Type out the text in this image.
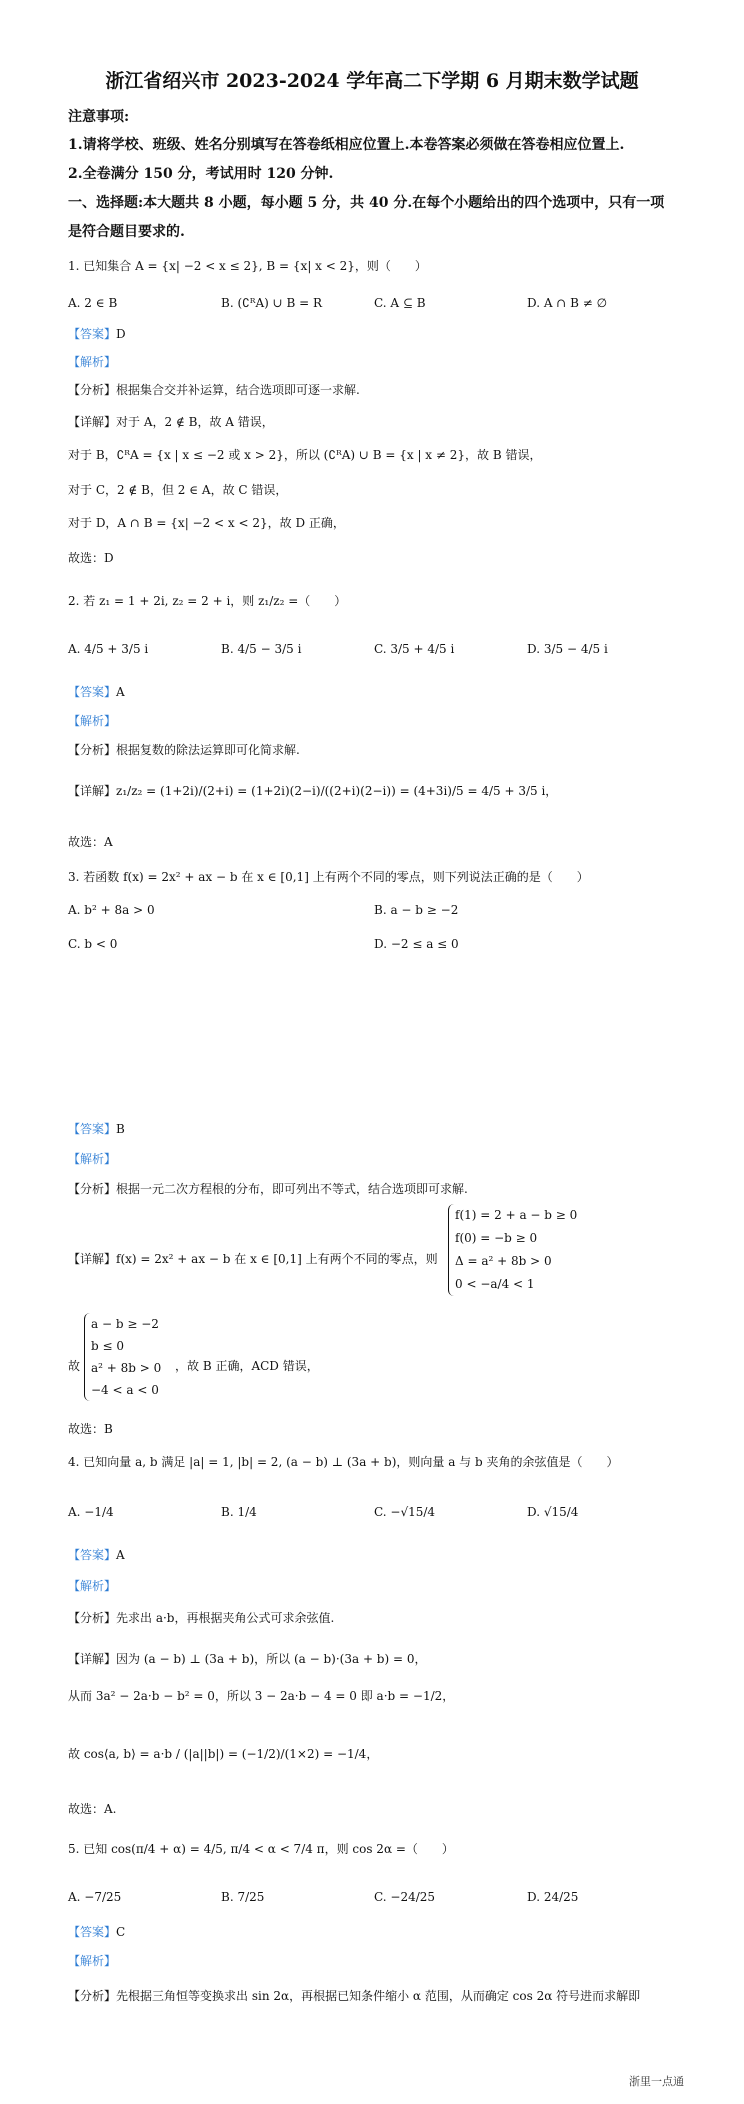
浙江省绍兴市 2023-2024 学年高二下学期 6 月期末数学试题
注意事项:
1.请将学校、班级、姓名分别填写在答卷纸相应位置上.本卷答案必须做在答卷相应位置上.
2.全卷满分 150 分，考试用时 120 分钟.
一、选择题:本大题共 8 小题，每小题 5 分，共 40 分.在每个小题给出的四个选项中，只有一项
是符合题目要求的.
1. 已知集合 A = {x| −2 < x ≤ 2}, B = {x| x < 2}，则（　　）
A. 2 ∈ B	B. (∁ᴿA) ∪ B = R	C. A ⊆ B	D. A ∩ B ≠ ∅
【答案】D
【解析】
【分析】根据集合交并补运算，结合选项即可逐一求解.
【详解】对于 A，2 ∉ B，故 A 错误，
对于 B，∁ᴿA = {x | x ≤ −2 或 x > 2}，所以 (∁ᴿA) ∪ B = {x | x ≠ 2}，故 B 错误，
对于 C，2 ∉ B，但 2 ∈ A，故 C 错误，
对于 D，A ∩ B = {x| −2 < x < 2}，故 D 正确，
故选：D
2. 若 z₁ = 1 + 2i, z₂ = 2 + i，则 z₁/z₂ =（　　）
A. 4/5 + 3/5 i	B. 4/5 − 3/5 i	C. 3/5 + 4/5 i	D. 3/5 − 4/5 i
【答案】A
【解析】
【分析】根据复数的除法运算即可化简求解.
【详解】z₁/z₂ = (1+2i)/(2+i) = (1+2i)(2−i)/((2+i)(2−i)) = (4+3i)/5 = 4/5 + 3/5 i，
故选：A
3. 若函数 f(x) = 2x² + ax − b 在 x ∈ [0,1] 上有两个不同的零点，则下列说法正确的是（　　）
A. b² + 8a > 0	B. a − b ≥ −2
C. b < 0	D. −2 ≤ a ≤ 0
【答案】B
【解析】
【分析】根据一元二次方程根的分布，即可列出不等式，结合选项即可求解.
【详解】f(x) = 2x² + ax − b 在 x ∈ [0,1] 上有两个不同的零点，则
f(1) = 2 + a − b ≥ 0
f(0) = −b ≥ 0
Δ = a² + 8b > 0
0 < −a/4 < 1
故
a − b ≥ −2
b ≤ 0
a² + 8b > 0
−4 < a < 0
，故 B 正确，ACD 错误，
故选：B
4. 已知向量 a, b 满足 |a| = 1, |b| = 2, (a − b) ⊥ (3a + b)，则向量 a 与 b 夹角的余弦值是（　　）
A. −1/4	B. 1/4	C. −√15/4	D. √15/4
【答案】A
【解析】
【分析】先求出 a·b，再根据夹角公式可求余弦值.
【详解】因为 (a − b) ⊥ (3a + b)，所以 (a − b)·(3a + b) = 0，
从而 3a² − 2a·b − b² = 0，所以 3 − 2a·b − 4 = 0 即 a·b = −1/2，
故 cos⟨a, b⟩ = a·b / (|a||b|) = (−1/2)/(1×2) = −1/4，
故选：A.
5. 已知 cos(π/4 + α) = 4/5, π/4 < α < 7/4 π，则 cos 2α =（　　）
A. −7/25	B. 7/25	C. −24/25	D. 24/25
【答案】C
【解析】
【分析】先根据三角恒等变换求出 sin 2α，再根据已知条件缩小 α 范围，从而确定 cos 2α 符号进而求解即
浙里一点通
